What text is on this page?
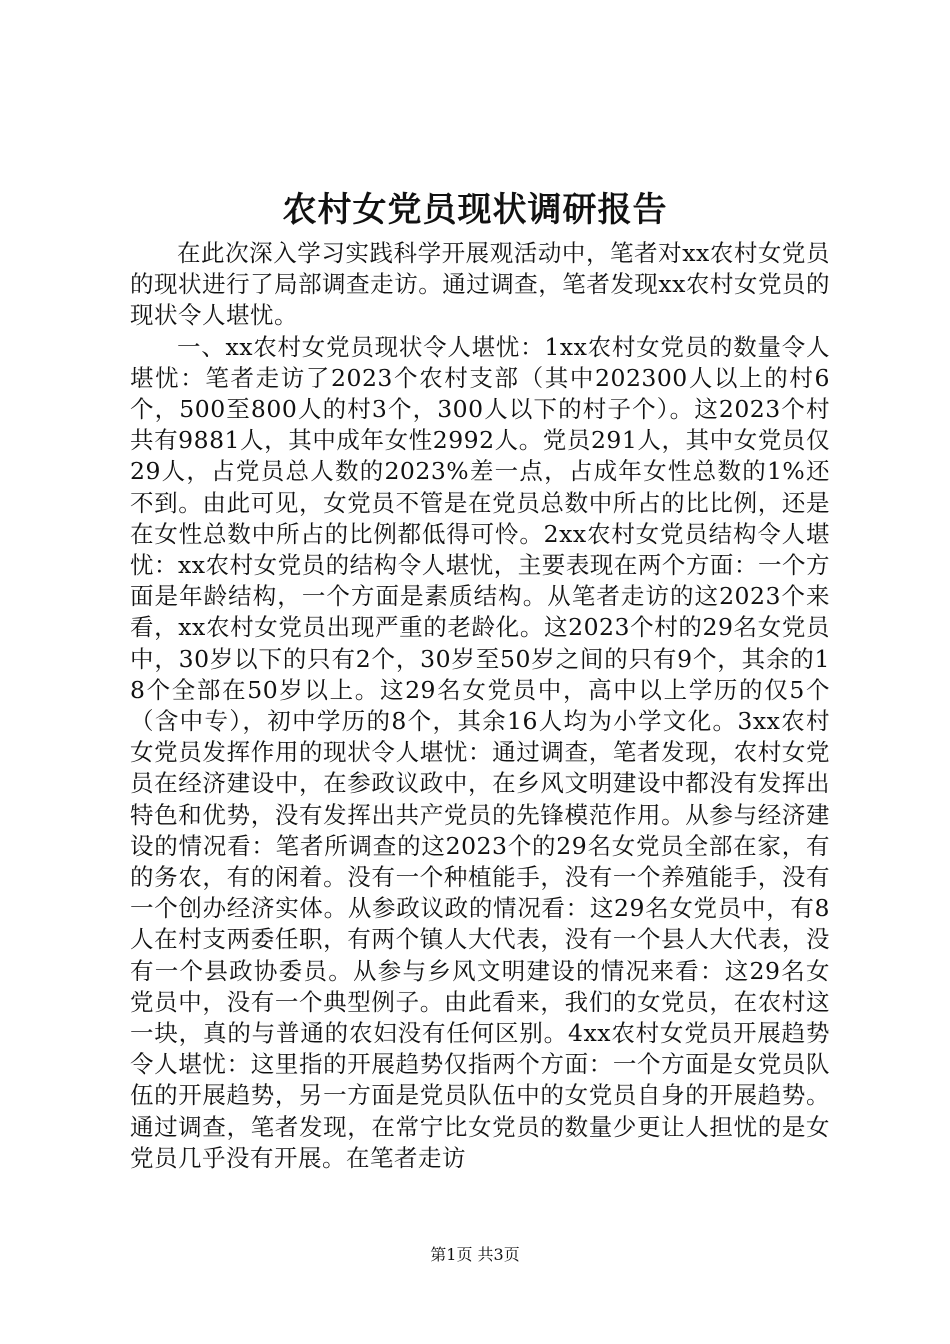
农村女党员现状调研报告

在此次深入学习实践科学开展观活动中，笔者对xx农村女党员的现状进行了局部调查走访。通过调查，笔者发现xx农村女党员的现状令人堪忧。

一、xx农村女党员现状令人堪忧：1xx农村女党员的数量令人堪忧：笔者走访了2023个农村支部（其中202300人以上的村6个，500至800人的村3个，300人以下的村子个）。这2023个村共有9881人，其中成年女性2992人。党员291人，其中女党员仅29人，占党员总人数的2023%差一点，占成年女性总数的1%还不到。由此可见，女党员不管是在党员总数中所占的比比例，还是在女性总数中所占的比例都低得可怜。2xx农村女党员结构令人堪忧：xx农村女党员的结构令人堪忧，主要表现在两个方面：一个方面是年龄结构，一个方面是素质结构。从笔者走访的这2023个来看，xx农村女党员出现严重的老龄化。这2023个村的29名女党员中，30岁以下的只有2个，30岁至50岁之间的只有9个，其余的18个全部在50岁以上。这29名女党员中，高中以上学历的仅5个（含中专），初中学历的8个，其余16人均为小学文化。3xx农村女党员发挥作用的现状令人堪忧：通过调查，笔者发现，农村女党员在经济建设中，在参政议政中，在乡风文明建设中都没有发挥出特色和优势，没有发挥出共产党员的先锋模范作用。从参与经济建设的情况看：笔者所调查的这2023个的29名女党员全部在家，有的务农，有的闲着。没有一个种植能手，没有一个养殖能手，没有一个创办经济实体。从参政议政的情况看：这29名女党员中，有8人在村支两委任职，有两个镇人大代表，没有一个县人大代表，没有一个县政协委员。从参与乡风文明建设的情况来看：这29名女党员中，没有一个典型例子。由此看来，我们的女党员，在农村这一块，真的与普通的农妇没有任何区别。4xx农村女党员开展趋势令人堪忧：这里指的开展趋势仅指两个方面：一个方面是女党员队伍的开展趋势，另一方面是党员队伍中的女党员自身的开展趋势。通过调查，笔者发现，在常宁比女党员的数量少更让人担忧的是女党员几乎没有开展。在笔者走访

第1页 共3页
